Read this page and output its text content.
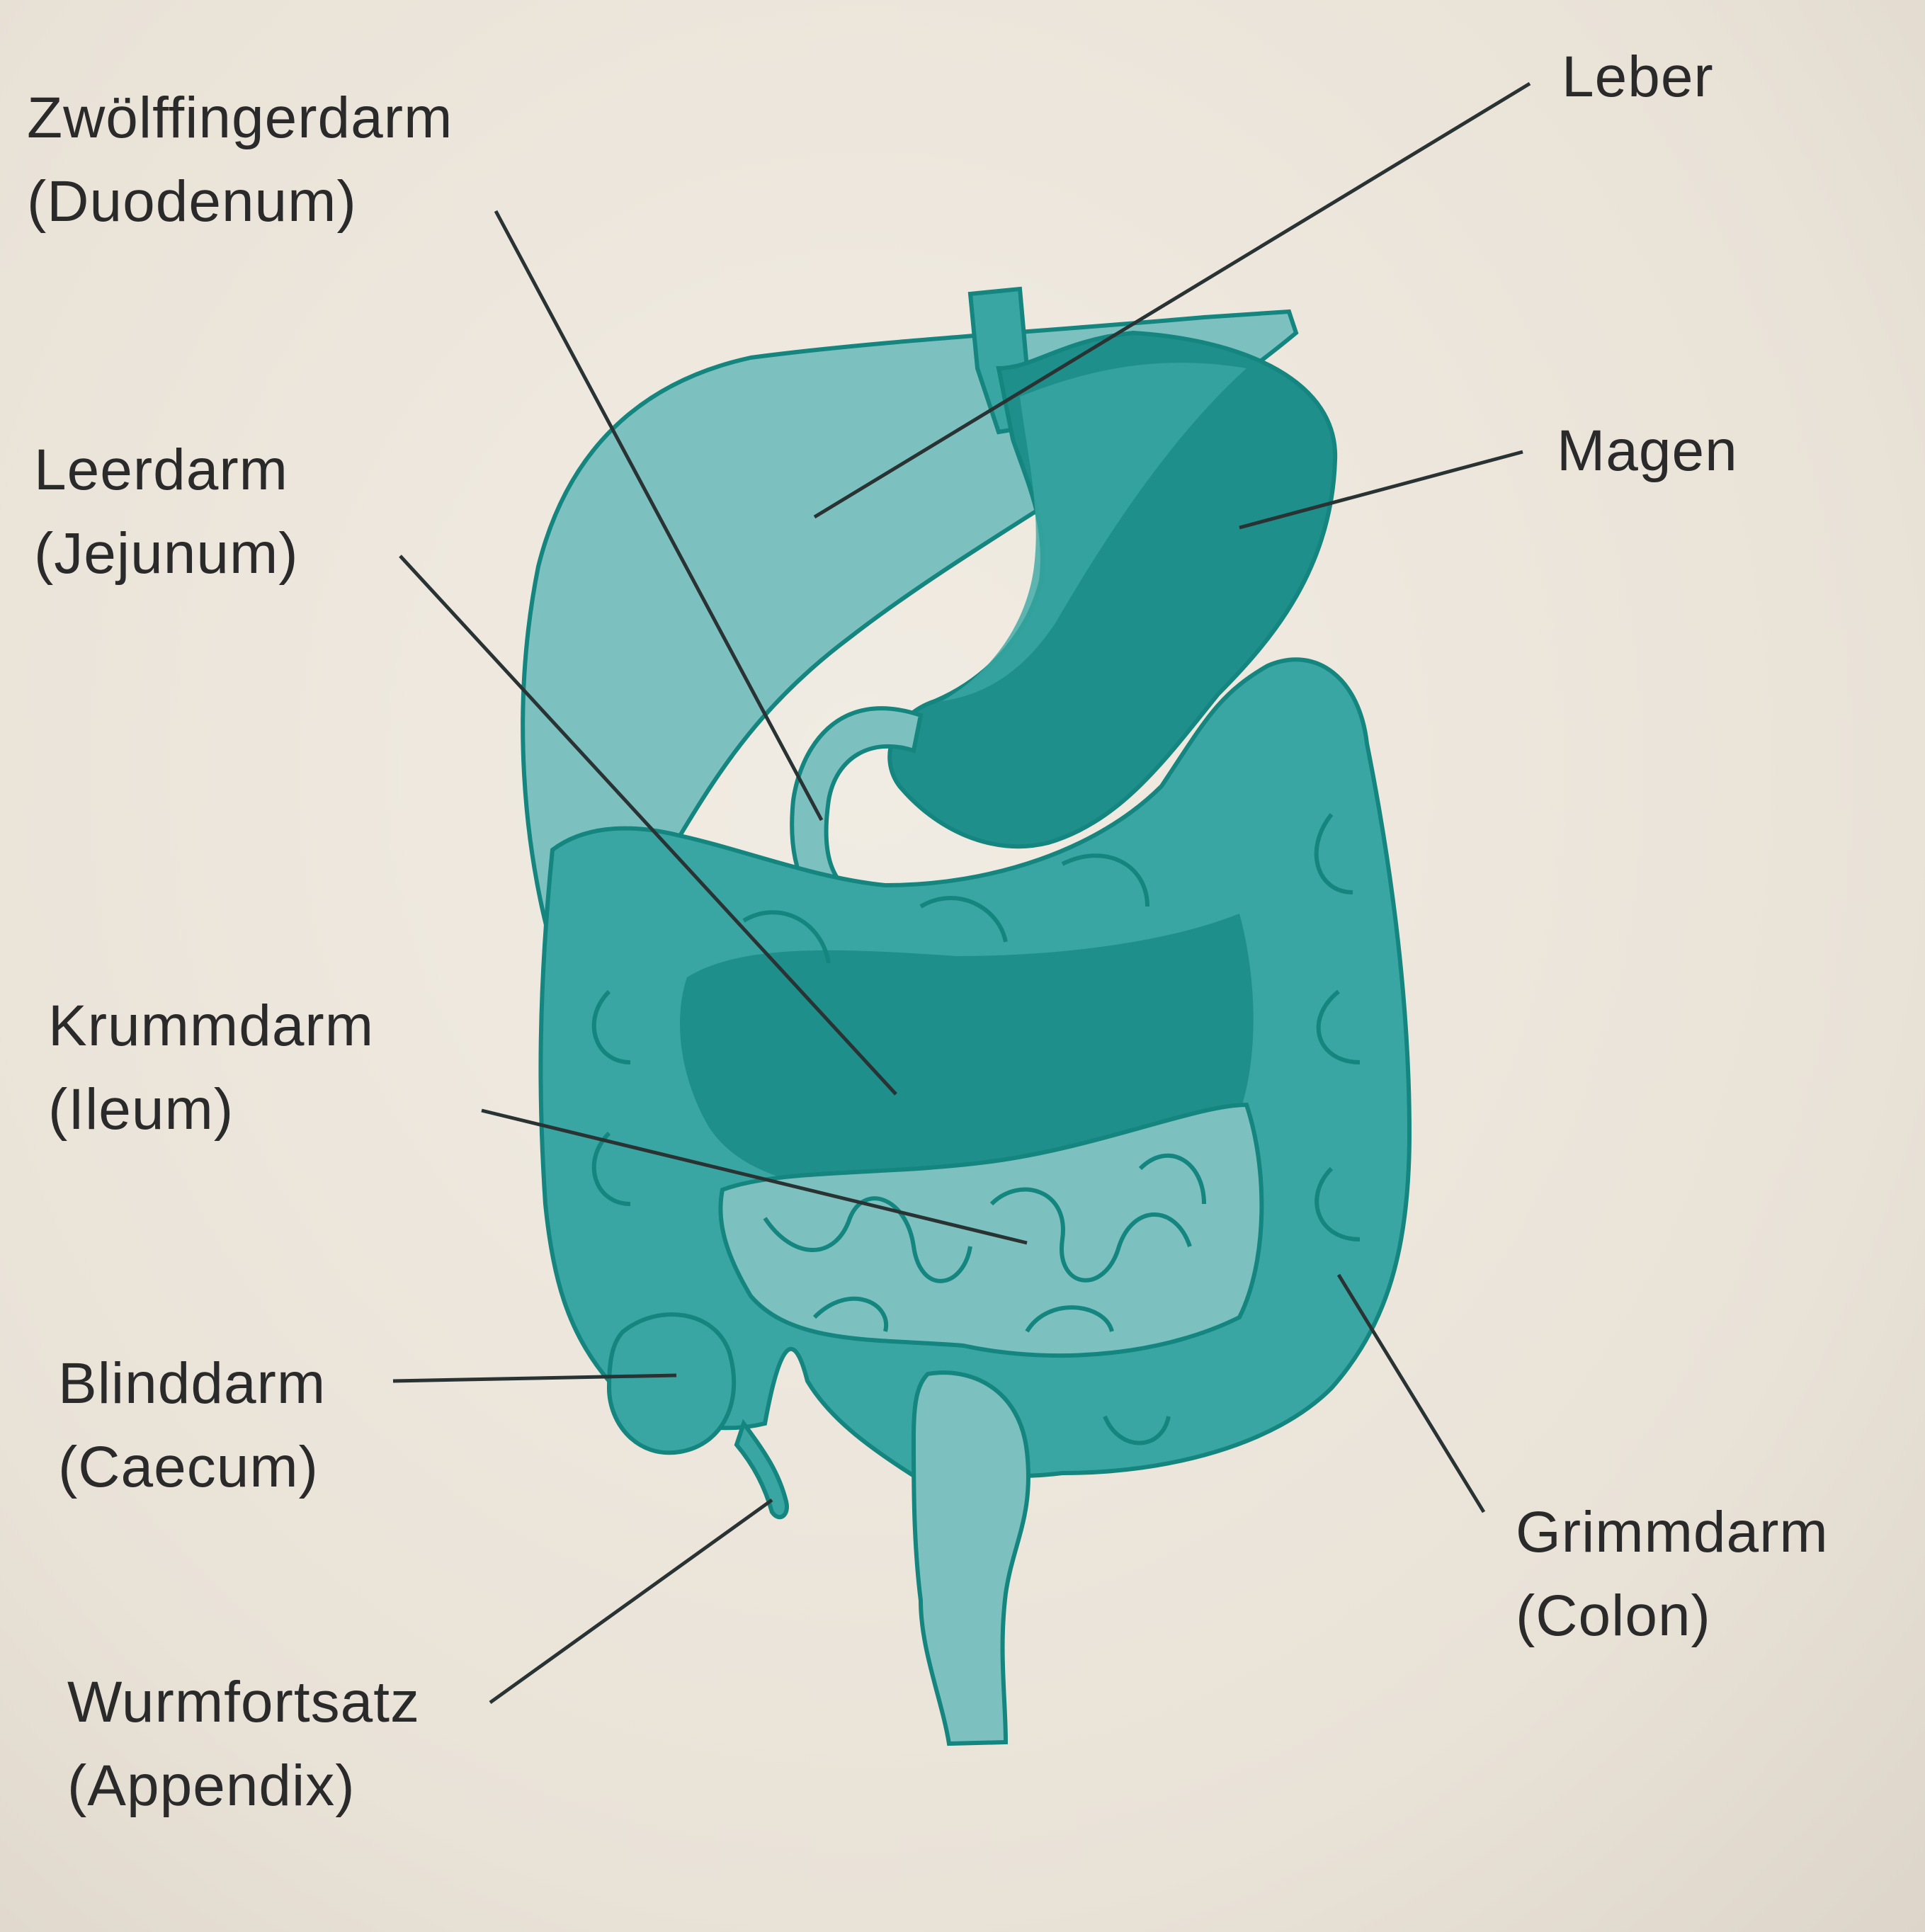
Zwölffingerdarm
(Duodenum)
Leber
Leerdarm
(Jejunum)
Magen
Krummdarm
(Ileum)
Blinddarm
(Caecum)
Wurmfortsatz
(Appendix)
Grimmdarm
(Colon)
